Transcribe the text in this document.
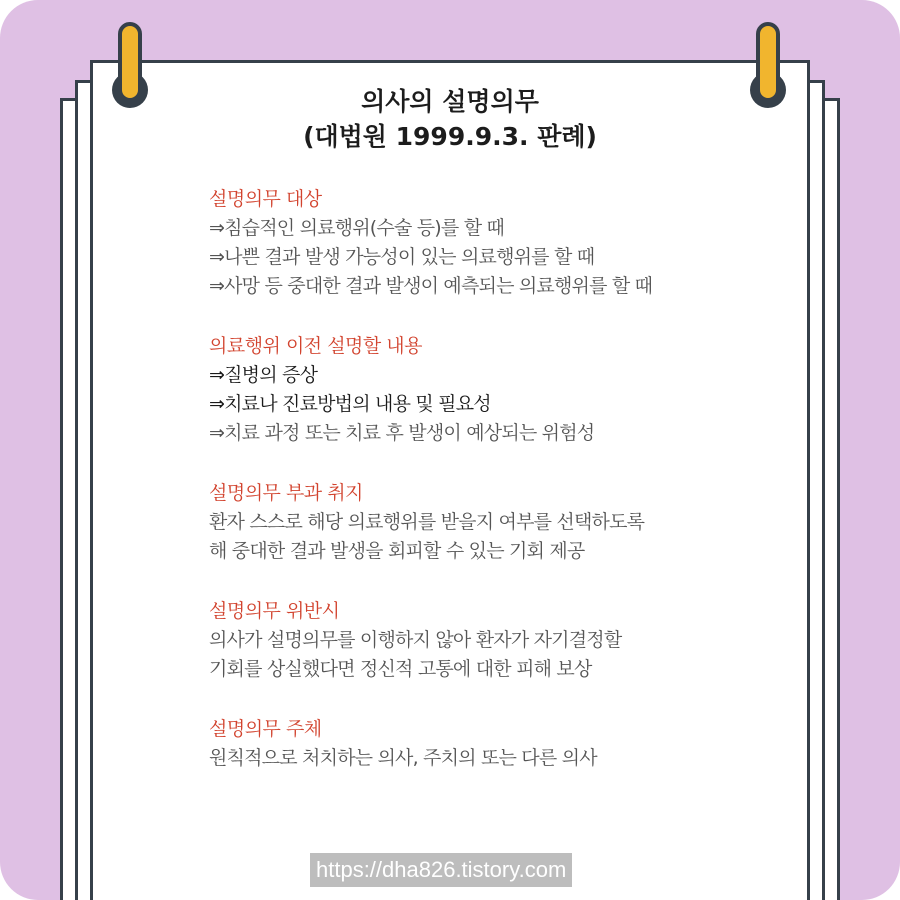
의사의 설명의무
(대법원 1999.9.3. 판례)
설명의무 대상
⇒침습적인 의료행위(수술 등)를 할 때
⇒나쁜 결과 발생 가능성이 있는 의료행위를 할 때
⇒사망 등 중대한 결과 발생이 예측되는 의료행위를 할 때
의료행위 이전 설명할 내용
⇒질병의 증상
⇒치료나 진료방법의 내용 및 필요성
⇒치료 과정 또는 치료 후 발생이 예상되는 위험성
설명의무 부과 취지
환자 스스로 해당 의료행위를 받을지 여부를 선택하도록
해 중대한 결과 발생을 회피할 수 있는 기회 제공
설명의무 위반시
의사가 설명의무를 이행하지 않아 환자가 자기결정할
기회를 상실했다면 정신적 고통에 대한 피해 보상
설명의무 주체
원칙적으로 처치하는 의사, 주치의 또는 다른 의사
https://dha826.tistory.com
